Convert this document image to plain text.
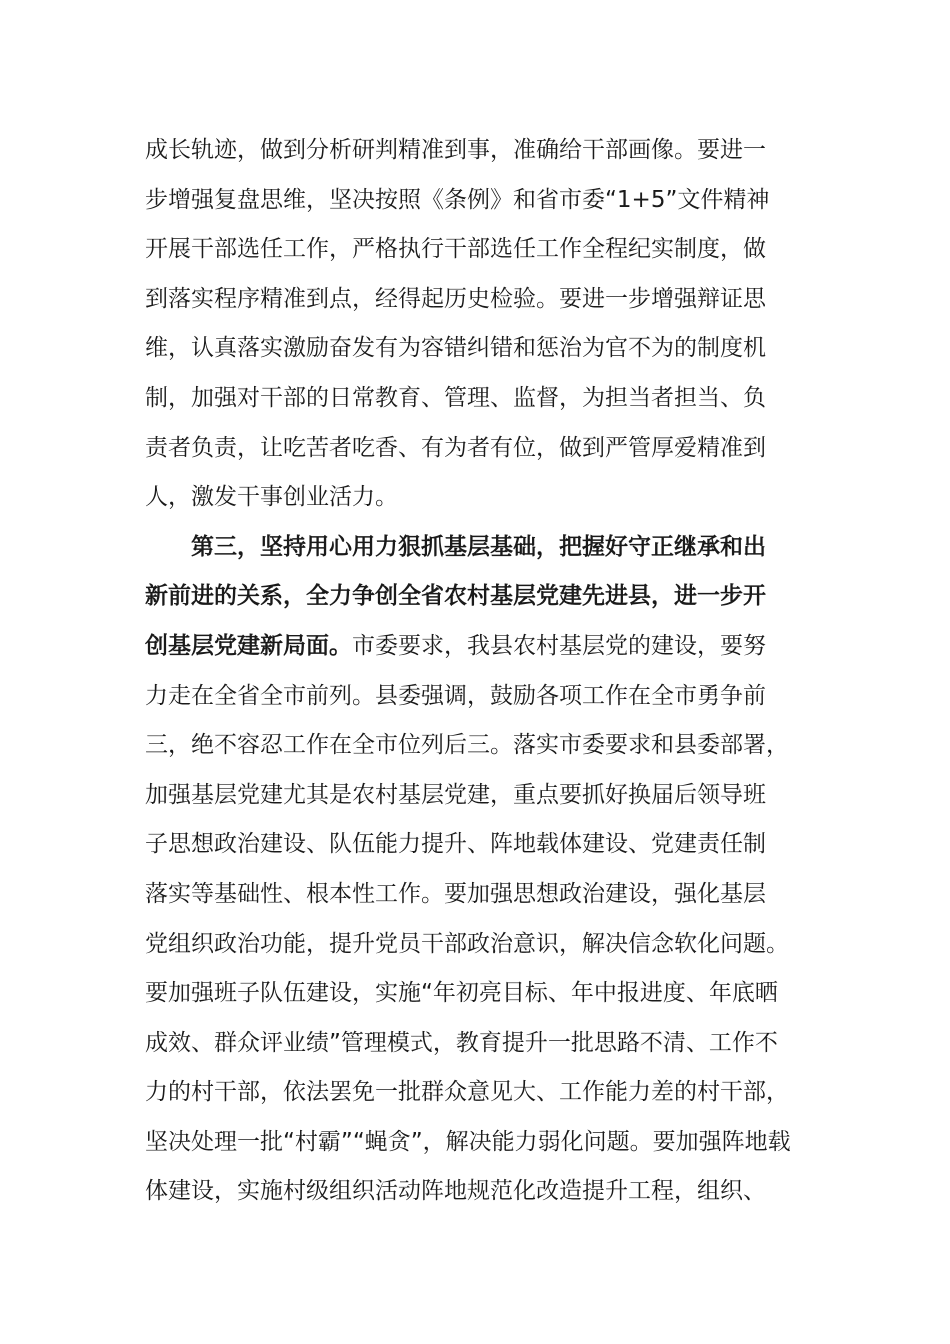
成长轨迹，做到分析研判精准到事，准确给干部画像。要进一
步增强复盘思维，坚决按照《条例》和省市委“1+5”文件精神
开展干部选任工作，严格执行干部选任工作全程纪实制度，做
到落实程序精准到点，经得起历史检验。要进一步增强辩证思
维，认真落实激励奋发有为容错纠错和惩治为官不为的制度机
制，加强对干部的日常教育、管理、监督，为担当者担当、负
责者负责，让吃苦者吃香、有为者有位，做到严管厚爱精准到
人，激发干事创业活力。
第三，坚持用心用力狠抓基层基础，把握好守正继承和出
新前进的关系，全力争创全省农村基层党建先进县，进一步开
创基层党建新局面。市委要求，我县农村基层党的建设，要努
力走在全省全市前列。县委强调，鼓励各项工作在全市勇争前
三，绝不容忍工作在全市位列后三。落实市委要求和县委部署，
加强基层党建尤其是农村基层党建，重点要抓好换届后领导班
子思想政治建设、队伍能力提升、阵地载体建设、党建责任制
落实等基础性、根本性工作。要加强思想政治建设，强化基层
党组织政治功能，提升党员干部政治意识，解决信念软化问题。
要加强班子队伍建设，实施“年初亮目标、年中报进度、年底晒
成效、群众评业绩”管理模式，教育提升一批思路不清、工作不
力的村干部，依法罢免一批群众意见大、工作能力差的村干部，
坚决处理一批“村霸”“蝇贪”，解决能力弱化问题。要加强阵地载
体建设，实施村级组织活动阵地规范化改造提升工程，组织、
